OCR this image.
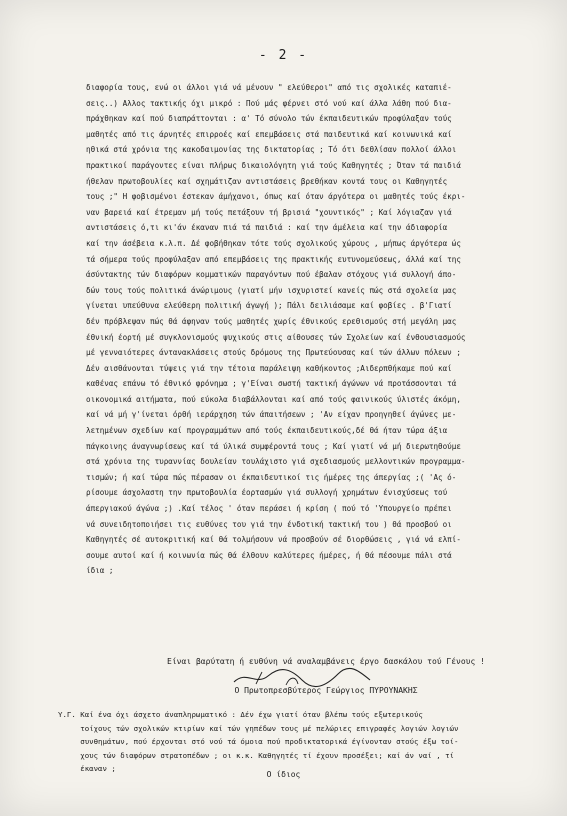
- 2 -
διαφορία τους, ενώ οι άλλοι γιά νά μένουν " ελεύθεροι" από τις σχολικές καταπιέ-
σεις..) Αλλος τακτικής όχι μικρό : Πού μάς φέρνει στό νού καί άλλα λάθη πού δια-
πράχθηκαν καί πού διαπράττονται : α' Τό σύνολο τών έκπαιδευτικών προφύλαξαν τούς
μαθητές από τις άρνητές επιρροές καί επεμβάσεις στά παιδευτικά καί κοινωνικά καί
ηθικά στά χρόνια της κακοδαιμονίας της δικτατορίας ; Τό ότι δεθλίσαν πολλοί άλλοι
πρακτικοί παράγοντες είναι πλήρως δικαιολόγητη γιά τούς Καθηγητές ; Όταν τά παιδιά
ήθελαν πρωτοβουλίες καί σχημάτιζαν αντιστάσεις βρεθήκαν κοντά τους οι Καθηγητές
τους ;" Η φοβισμένοι έστεκαν άμήχανοι, όπως καί όταν άργότερα οι μαθητές τούς έκρι-
ναν βαρειά καί έτρεμαν μή τούς πετάξουν τή βρισιά "χουντικός" ; Καί λόγιαζαν γιά
αντιστάσεις ό,τι κι'άν έκαναν πιά τά παιδιά : καί την άμέλεια καί την άδιαφορία
καί την άσέβεια κ.λ.π. Δέ φοβήθηκαν τότε τούς σχολικούς χώρους , μήπως άργότερα ώς
τά σήμερα τούς προφύλαξαν από επεμβάσεις της πρακτικής ευτυνομεύσεως, άλλά καί της
άσύντακτης τών διαφόρων κομματικών παραγόντων πού έβαλαν στόχους γιά συλλογή άπο-
δών τους τούς πολιτικά άνώριμους (γιατί μήν ισχυριστεί κανείς πώς στά σχολεία μας
γίνεται υπεύθυνα ελεύθερη πολιτική άγωγή ); Πάλι δειλιάσαμε καί φοβίες . β'Γιατί
δέν πρόβλεψαν πώς θά άφηναν τούς μαθητές χωρίς έθνικούς ερεθισμούς στή μεγάλη μας
έθνική έορτή μέ συγκλονισμούς ψυχικούς στις αίθουσες τών Σχολείων καί ένθουσιασμούς
μέ γενναιότερες άντανακλάσεις στούς δρόμους της Πρωτεύουσας καί τών άλλων πόλεων ;
Δέν αισθάνονται τύψεις γιά την τέτοια παράλειψη καθήκοντος ;Αιδερπθήκαμε πού καί
καθένας επάνω τό έθνικό φρόνημα ; γ'Είναι σωστή τακτική άγώνων νά προτάσσονται τά
οικονομικά αιτήματα, πού εύκολα διαβάλλονται καί από τούς φαινικούς ύλιστές άκόμη,
καί νά μή γ'ίνεται όρθή ιεράρχηση τών άπαιτήσεων ; 'Αν είχαν προηγηθεί άγώνες με-
λετημένων σχεδίων καί προγραμμάτων από τούς έκπαιδευτικούς,δέ θά ήταν τώρα άξια
πάγκοινης άναγνωρίσεως καί τά ύλικά συμφέροντά τους ; Καί γιατί νά μή διερωτηθούμε
στά χρόνια της τυραννίας δουλείαν τουλάχιστο γιά σχεδιασμούς μελλοντικών προγραμμα-
τισμών; ή καί τώρα πώς πέρασαν οι έκπαιδευτικοί τις ήμέρες της άπεργίας ;( 'Ας ό-
ρίσουμε άσχολαστη την πρωτοβουλία έορτασμών γιά συλλογή χρημάτων ένισχύσεως τού
άπεργιακού άγώνα ;) .Καί τέλος ' όταν περάσει ή κρίση ( πού τό 'Υπουργείο πρέπει
νά συνειδητοποιήσει τις ευθύνες του γιά την ένδοτική τακτική του ) θά προσβού οι
Καθηγητές σέ αυτοκριτική καί θά τολμήσουν νά προσβούν σέ διορθώσεις , γιά νά ελπί-
σουμε αυτοί καί ή κοινωνία πώς θά έλθουν καλύτερες ήμέρες, ή θά πέσουμε πάλι στά
ίδια ;
Είναι βαρύτατη ή ευθύνη νά αναλαμβάνεις έργο δασκάλου τού Γένους !
Ο Πρωτοπρεσβύτερος Γεώργιος ΠΥΡΟΥΝΑΚΗΣ
Υ.Γ. Καί ένα όχι άσχετο άναπληρωματικό : Δέν έχω γιατί όταν βλέπω τούς εξωτερικούς
τοίχους τών σχολικών κτιρίων καί τών γηπέδων τους μέ πελώριες επιγραφές λογιών λογιών
συνθημάτων, πού έρχονται στό νού τά όμοια πού προδικτατορικά έγίνονταν στούς έξω τοί-
χους τών διαφόρων στρατοπέδων ; οι κ.κ. Καθηγητές τί έχουν προσέξει; καί άν ναί , τί
έκαναν ;
Ο ίδιος
